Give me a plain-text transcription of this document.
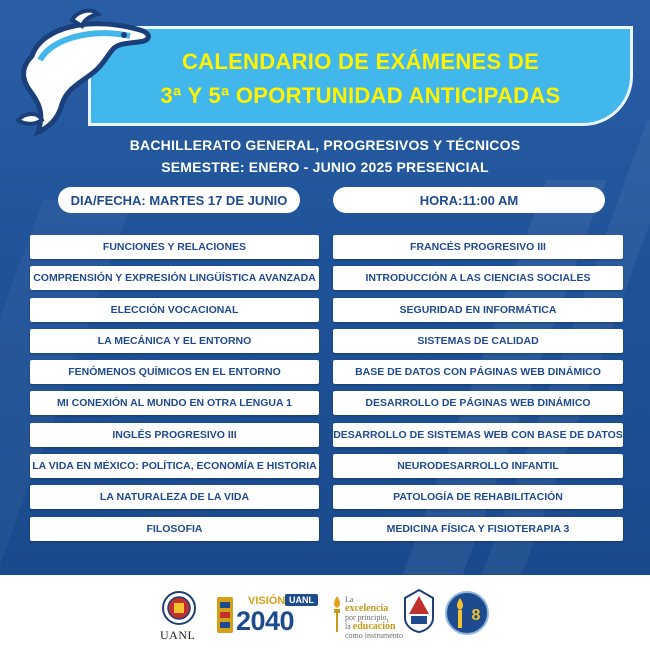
CALENDARIO DE EXÁMENES DE
3ª Y 5ª OPORTUNIDAD ANTICIPADAS
BACHILLERATO GENERAL, PROGRESIVOS Y TÉCNICOS
SEMESTRE: ENERO - JUNIO 2025 PRESENCIAL
DIA/FECHA: MARTES 17 DE JUNIO	HORA:11:00 AM
FUNCIONES Y RELACIONES
COMPRENSIÓN Y EXPRESIÓN LINGÜÍSTICA AVANZADA
ELECCIÓN VOCACIONAL
LA MECÁNICA Y EL ENTORNO
FENÓMENOS QUÍMICOS EN EL ENTORNO
MI CONEXIÓN AL MUNDO EN OTRA LENGUA 1
INGLÉS PROGRESIVO III
LA VIDA EN MÉXICO: POLÍTICA, ECONOMÍA E HISTORIA
LA NATURALEZA DE LA VIDA
FILOSOFIA
FRANCÉS PROGRESIVO III
INTRODUCCIÓN A LAS CIENCIAS SOCIALES
SEGURIDAD EN INFORMÁTICA
SISTEMAS DE CALIDAD
BASE DE DATOS CON PÁGINAS WEB DINÁMICO
DESARROLLO DE PÁGINAS WEB DINÁMICO
DESARROLLO DE SISTEMAS WEB CON BASE DE DATOS
NEURODESARROLLO INFANTIL
PATOLOGÍA DE REHABILITACIÓN
MEDICINA FÍSICA Y FISIOTERAPIA 3
UANL
VISIÓN UANL
2040
La
excelencia
por principio,
la educación
como instrumento
8
